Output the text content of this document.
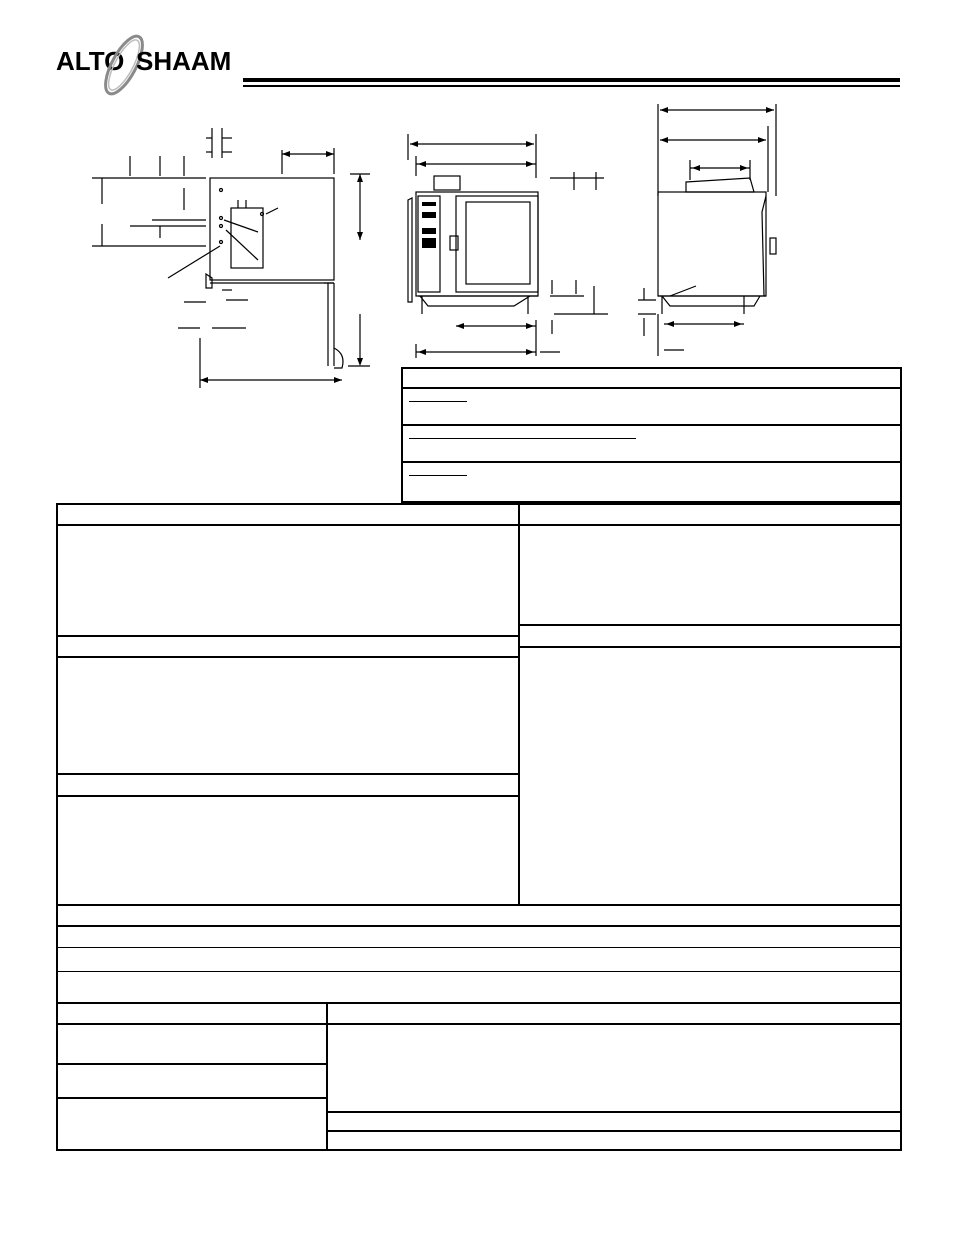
ALTO SHAAM
